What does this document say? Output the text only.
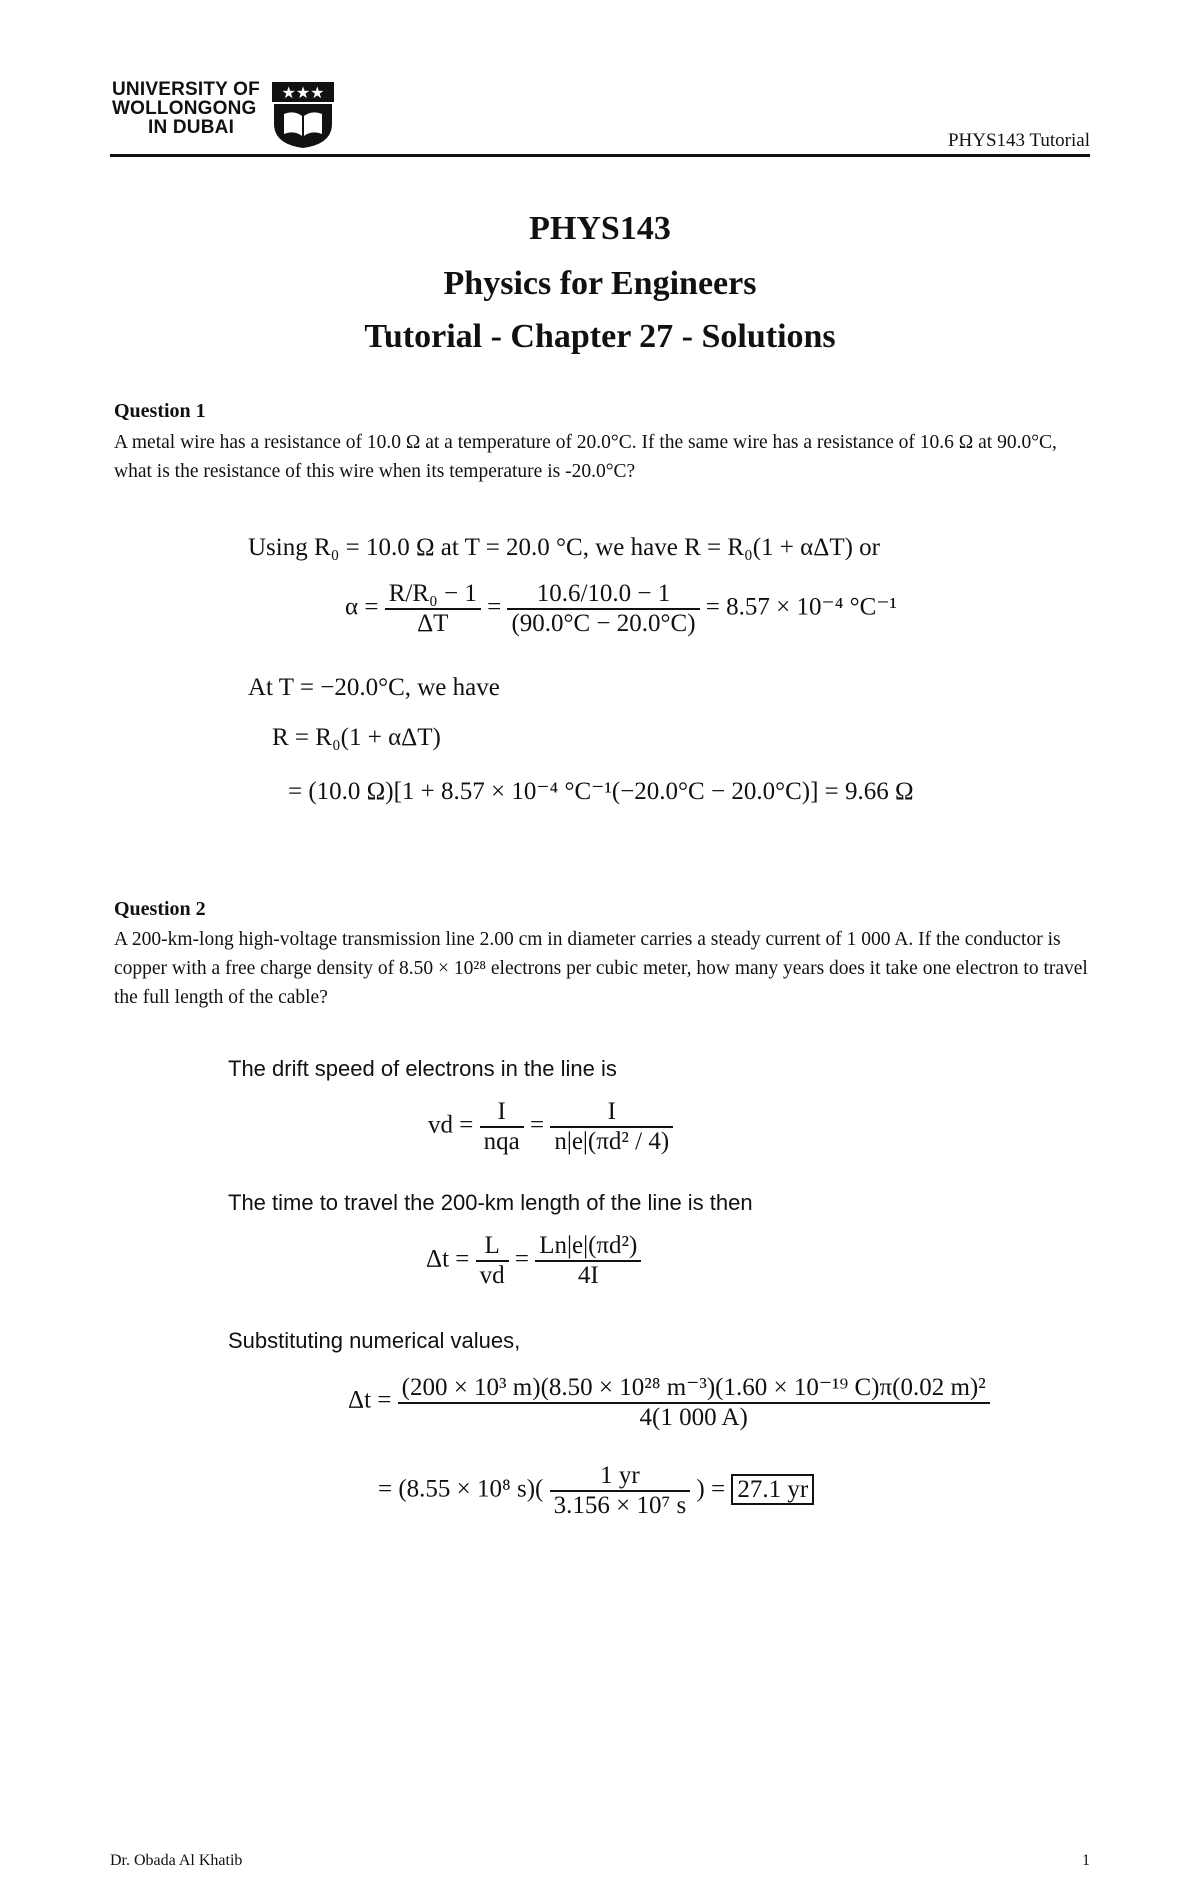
UNIVERSITY OF
WOLLONGONG
IN DUBAI
★★★
PHYS143 Tutorial
PHYS143
Physics for Engineers
Tutorial - Chapter 27 - Solutions
Question 1
A metal wire has a resistance of 10.0 Ω at a temperature of 20.0°C. If the same wire has a resistance of 10.6 Ω at 90.0°C, what is the resistance of this wire when its temperature is -20.0°C?
Using R₀ = 10.0 Ω at T = 20.0 °C, we have R = R₀(1 + αΔT) or
$\alpha = \frac{\text{R/R₀ − 1}}{\Delta T} = \frac{10.6/10.0 - 1}{(90.0^\circ C - 20.0^\circ C)} = 8.57 \times 10^{-4}$ °C⁻¹
At T = −20.0°C, we have
R = R₀(1 + αΔT)
= (10.0 Ω)[1 + 8.57 × 10⁻⁴ °C⁻¹(−20.0°C − 20.0°C)] = 9.66 Ω
Question 2
A 200-km-long high-voltage transmission line 2.00 cm in diameter carries a steady current of 1 000 A. If the conductor is copper with a free charge density of 8.50 × 10²⁸ electrons per cubic meter, how many years does it take one electron to travel the full length of the cable?
The drift speed of electrons in the line is
vd = $\frac{I}{\text{nqa}} = \frac{I}{\text{n|e|(πd² / 4)}}$
The time to travel the 200-km length of the line is then
$\Delta t = \frac{L}{vd} = \frac{\text{Ln|e|(πd²)}}{4I}$
Substituting numerical values,
$\Delta t = \frac{\text{(200 × 10³ m)(8.50 × 10²⁸ m⁻³)(1.60 × 10⁻¹⁹ C)π(0.02 m)²}}{4(1 000 A)}$
= (8.55 × 10⁸ $s)( \frac{1 yr}{\text{3.156 × 10⁷ s}}$ ) = 27.1 yr
Dr. Obada Al Khatib	1
